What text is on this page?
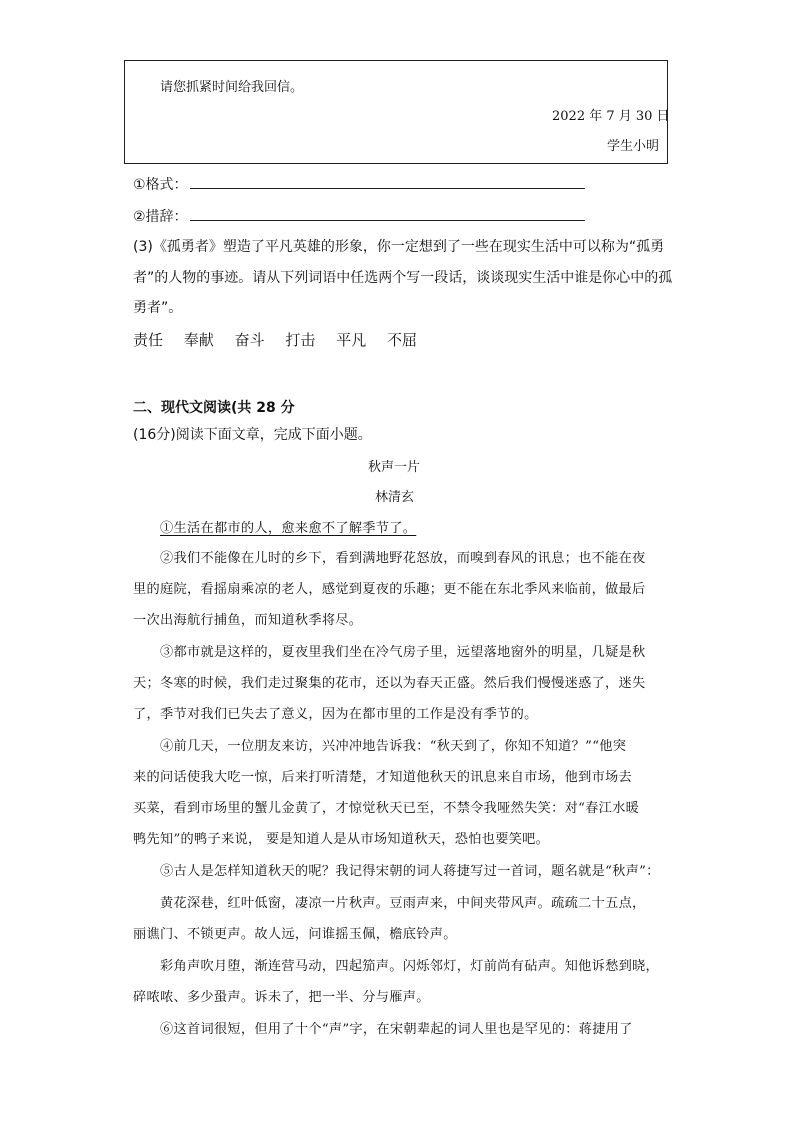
请您抓紧时间给我回信。
2022 年 7 月 30 日
学生小明
①格式：
②措辞：
(3)《孤勇者》塑造了平凡英雄的形象，你一定想到了一些在现实生活中可以称为“孤勇
者”的人物的事迹。请从下列词语中任选两个写一段话，谈谈现实生活中谁是你心中的孤
勇者”。
责任 奉献 奋斗 打击 平凡 不屈
二、现代文阅读(共 28 分
(16分)阅读下面文章，完成下面小题。
秋声一片
林清玄
①生活在都市的人，愈来愈不了解季节了。
②我们不能像在儿时的乡下，看到满地野花怒放，而嗅到春风的讯息；也不能在夜
里的庭院，看摇扇乘凉的老人，感觉到夏夜的乐趣；更不能在东北季风来临前，做最后
一次出海航行捕鱼，而知道秋季将尽。
③都市就是这样的，夏夜里我们坐在冷气房子里，远望落地窗外的明星，几疑是秋
天；冬寒的时候，我们走过聚集的花市，还以为春天正盛。然后我们慢慢迷惑了，迷失
了，季节对我们已失去了意义，因为在都市里的工作是没有季节的。
④前几天，一位朋友来访，兴冲冲地告诉我：“秋天到了，你知不知道？”“他突
来的问话使我大吃一惊，后来打听清楚，才知道他秋天的讯息来自市场，他到市场去
买菜，看到市场里的蟹儿金黄了，才惊觉秋天已至，不禁令我哑然失笑：对“春江水暖
鸭先知”的鸭子来说， 要是知道人是从市场知道秋天，恐怕也要笑吧。
⑤古人是怎样知道秋天的呢？我记得宋朝的词人蒋捷写过一首词，题名就是“秋声”：
黄花深巷，红叶低窗，凄凉一片秋声。豆雨声来，中间夹带风声。疏疏二十五点，
丽谯门、不锁更声。故人远，问谁摇玉佩，檐底铃声。
彩角声吹月堕，渐连营马动，四起笳声。闪烁邻灯，灯前尚有砧声。知他诉愁到晓，
碎哝哝、多少蛩声。诉未了，把一半、分与雁声。
⑥这首词很短，但用了十个“声”字，在宋朝辈起的词人里也是罕见的：蒋捷用了
